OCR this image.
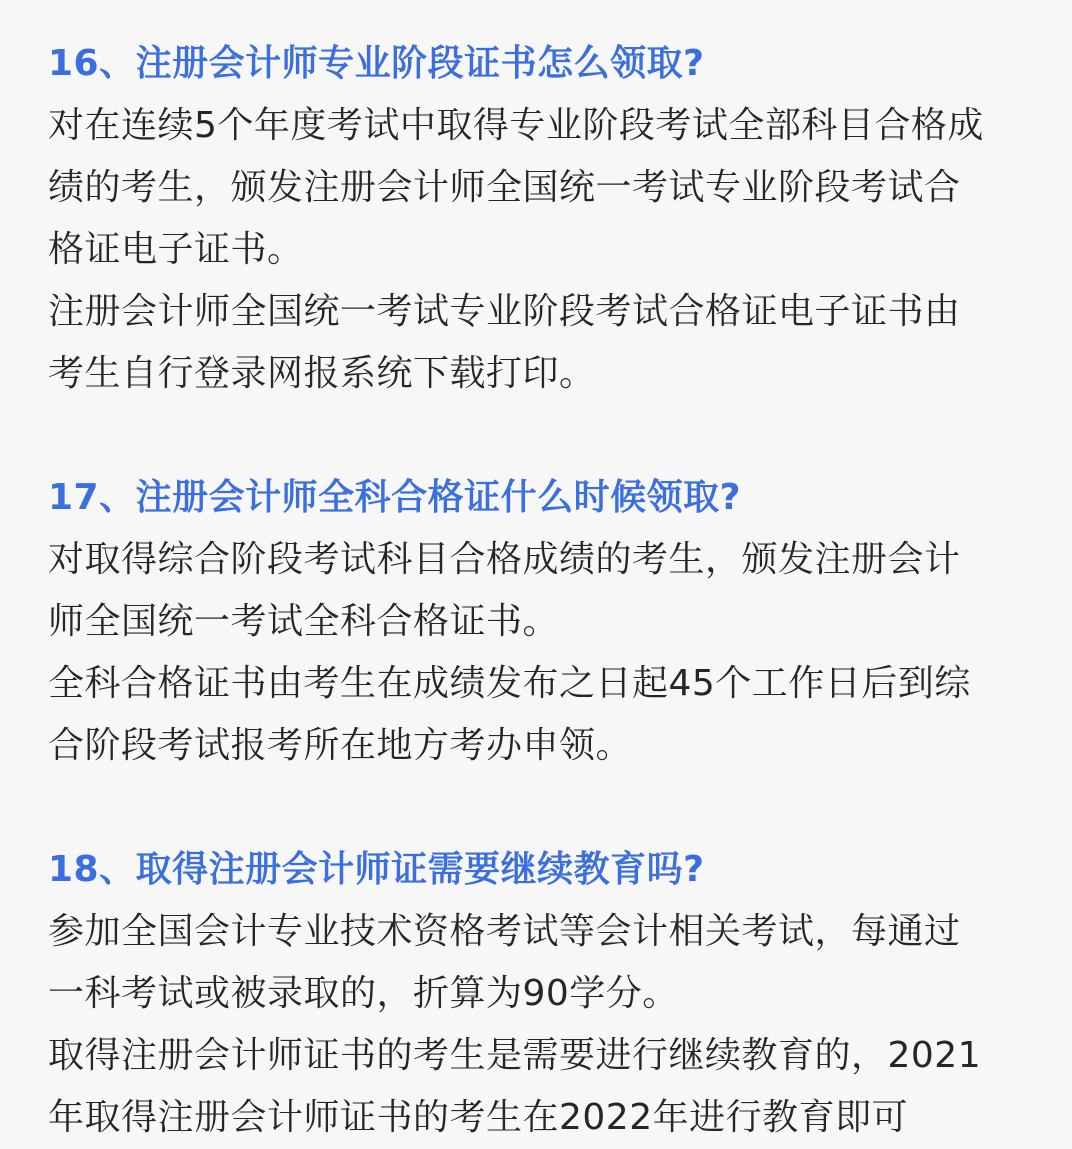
16、注册会计师专业阶段证书怎么领取?
对在连续5个年度考试中取得专业阶段考试全部科目合格成
绩的考生，颁发注册会计师全国统一考试专业阶段考试合
格证电子证书。
注册会计师全国统一考试专业阶段考试合格证电子证书由
考生自行登录网报系统下载打印。
17、注册会计师全科合格证什么时候领取?
对取得综合阶段考试科目合格成绩的考生，颁发注册会计
师全国统一考试全科合格证书。
全科合格证书由考生在成绩发布之日起45个工作日后到综
合阶段考试报考所在地方考办申领。
18、取得注册会计师证需要继续教育吗?
参加全国会计专业技术资格考试等会计相关考试，每通过
一科考试或被录取的，折算为90学分。
取得注册会计师证书的考生是需要进行继续教育的，2021
年取得注册会计师证书的考生在2022年进行教育即可
